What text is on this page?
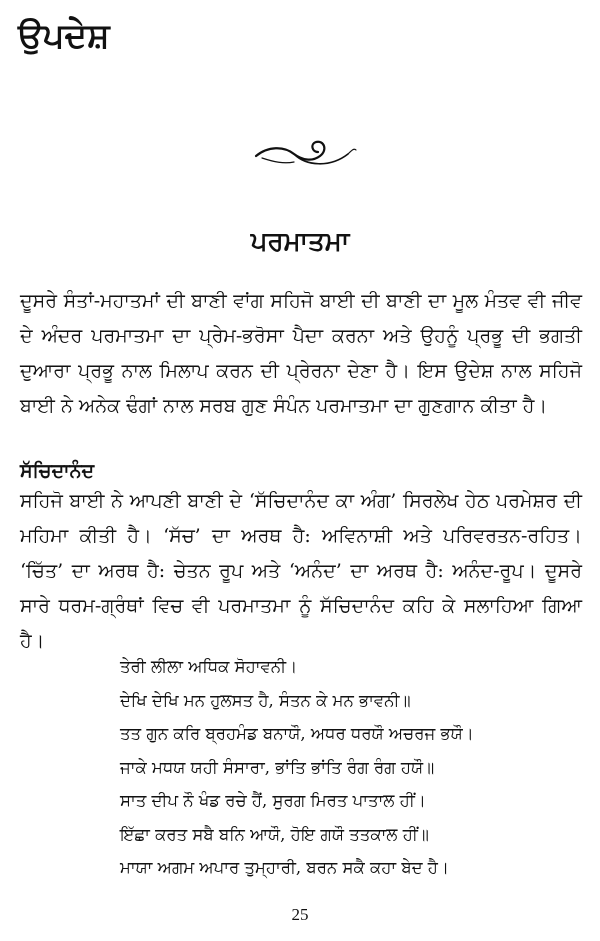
ਉਪਦੇਸ਼
ਪਰਮਾਤਮਾ

ਦੂਸਰੇ ਸੰਤਾਂ-ਮਹਾਤਮਾਂ ਦੀ ਬਾਣੀ ਵਾਂਗ ਸਹਿਜੋ ਬਾਈ ਦੀ ਬਾਣੀ ਦਾ ਮੂਲ ਮੰਤਵ ਵੀ ਜੀਵ ਦੇ ਅੰਦਰ ਪਰਮਾਤਮਾ ਦਾ ਪ੍ਰੇਮ-ਭਰੋਸਾ ਪੈਦਾ ਕਰਨਾ ਅਤੇ ਉਹਨੂੰ ਪ੍ਰਭੂ ਦੀ ਭਗਤੀ ਦੁਆਰਾ ਪ੍ਰਭੂ ਨਾਲ ਮਿਲਾਪ ਕਰਨ ਦੀ ਪ੍ਰੇਰਨਾ ਦੇਣਾ ਹੈ। ਇਸ ਉਦੇਸ਼ ਨਾਲ ਸਹਿਜੋ ਬਾਈ ਨੇ ਅਨੇਕ ਢੰਗਾਂ ਨਾਲ ਸਰਬ ਗੁਣ ਸੰਪੰਨ ਪਰਮਾਤਮਾ ਦਾ ਗੁਣਗਾਨ ਕੀਤਾ ਹੈ।

ਸੱਚਿਦਾਨੰਦ

ਸਹਿਜੋ ਬਾਈ ਨੇ ਆਪਣੀ ਬਾਣੀ ਦੇ ‘ਸੱਚਿਦਾਨੰਦ ਕਾ ਅੰਗ’ ਸਿਰਲੇਖ ਹੇਠ ਪਰਮੇਸ਼ਰ ਦੀ ਮਹਿਮਾ ਕੀਤੀ ਹੈ। ‘ਸੱਚ’ ਦਾ ਅਰਥ ਹੈ: ਅਵਿਨਾਸ਼ੀ ਅਤੇ ਪਰਿਵਰਤਨ-ਰਹਿਤ। ‘ਚਿੱਤ’ ਦਾ ਅਰਥ ਹੈ: ਚੇਤਨ ਰੂਪ ਅਤੇ ‘ਅਨੰਦ’ ਦਾ ਅਰਥ ਹੈ: ਅਨੰਦ-ਰੂਪ। ਦੂਸਰੇ ਸਾਰੇ ਧਰਮ-ਗ੍ਰੰਥਾਂ ਵਿਚ ਵੀ ਪਰਮਾਤਮਾ ਨੂੰ ਸੱਚਿਦਾਨੰਦ ਕਹਿ ਕੇ ਸਲਾਹਿਆ ਗਿਆ ਹੈ।

ਤੇਰੀ ਲੀਲਾ ਅਧਿਕ ਸੋਹਾਵਨੀ।
ਦੇਖਿ ਦੇਖਿ ਮਨ ਹੁਲਸਤ ਹੈ, ਸੰਤਨ ਕੇ ਮਨ ਭਾਵਨੀ॥
ਤਤ ਗੁਨ ਕਰਿ ਬ੍ਰਹਮੰਡ ਬਨਾਯੌ, ਅਧਰ ਧਰਯੌ ਅਚਰਜ ਭਯੌ।
ਜਾਕੇ ਮਧਯ ਯਹੀ ਸੰਸਾਰਾ, ਭਾਂਤਿ ਭਾਂਤਿ ਰੰਗ ਰੰਗ ਹਯੌ॥
ਸਾਤ ਦੀਪ ਨੌ ਖੰਡ ਰਚੇ ਹੈਂ, ਸੁਰਗ ਮਿਰਤ ਪਾਤਾਲ ਹੀਂ।
ਇੱਛਾ ਕਰਤ ਸਬੈ ਬਨਿ ਆਯੌ, ਹੋਇ ਗਯੌ ਤਤਕਾਲ ਹੀਂ॥
ਮਾਯਾ ਅਗਮ ਅਪਾਰ ਤੁਮ੍ਹਾਰੀ, ਬਰਨ ਸਕੈ ਕਹਾ ਬੇਦ ਹੈ।
25
